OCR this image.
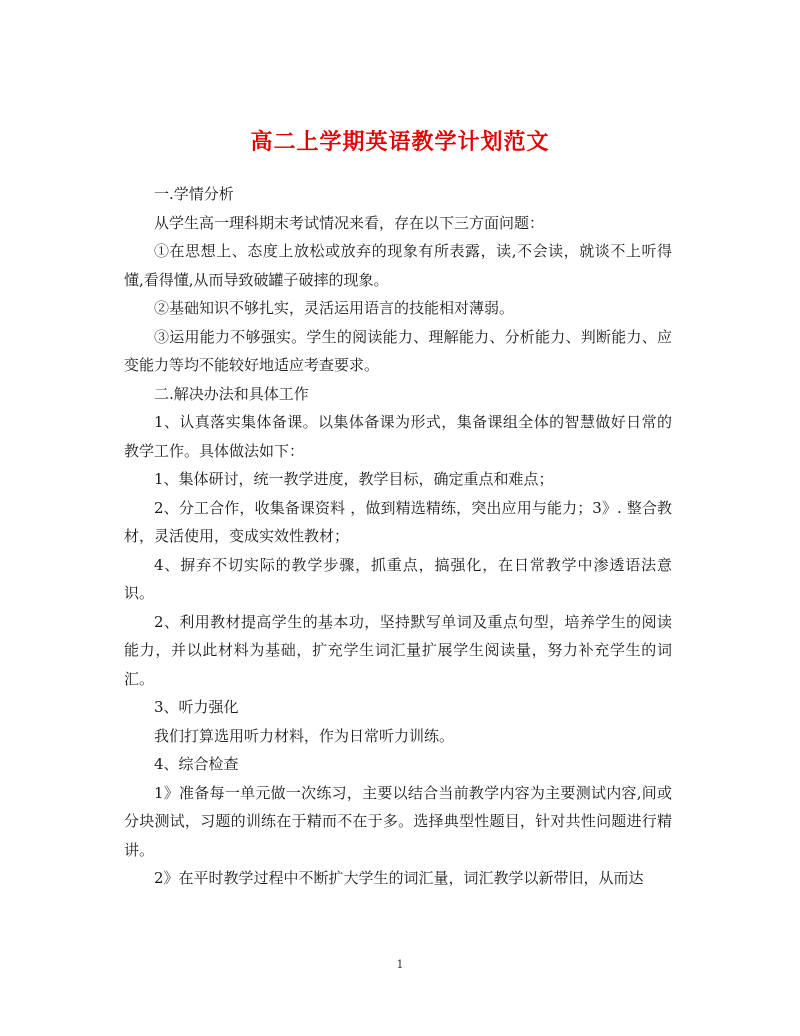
高二上学期英语教学计划范文

一.学情分析

从学生高一理科期末考试情况来看，存在以下三方面问题：

①在思想上、态度上放松或放弃的现象有所表露，读,不会读，就谈不上听得懂,看得懂,从而导致破罐子破摔的现象。

②基础知识不够扎实，灵活运用语言的技能相对薄弱。

③运用能力不够强实。学生的阅读能力、理解能力、分析能力、判断能力、应变能力等均不能较好地适应考查要求。

二.解决办法和具体工作

1、认真落实集体备课。以集体备课为形式，集备课组全体的智慧做好日常的教学工作。具体做法如下：

1、集体研讨，统一教学进度，教学目标，确定重点和难点；

2、分工合作，收集备课资料 ，做到精选精练，突出应用与能力；3》. 整合教材，灵活使用，变成实效性教材；

4、摒弃不切实际的教学步骤，抓重点，搞强化，在日常教学中渗透语法意识。

2、利用教材提高学生的基本功，坚持默写单词及重点句型，培养学生的阅读能力，并以此材料为基础，扩充学生词汇量扩展学生阅读量，努力补充学生的词汇。

3、听力强化

我们打算选用听力材料，作为日常听力训练。

4、综合检查

1》准备每一单元做一次练习，主要以结合当前教学内容为主要测试内容,间或分块测试，习题的训练在于精而不在于多。选择典型性题目，针对共性问题进行精讲。

2》在平时教学过程中不断扩大学生的词汇量，词汇教学以新带旧，从而达

1
